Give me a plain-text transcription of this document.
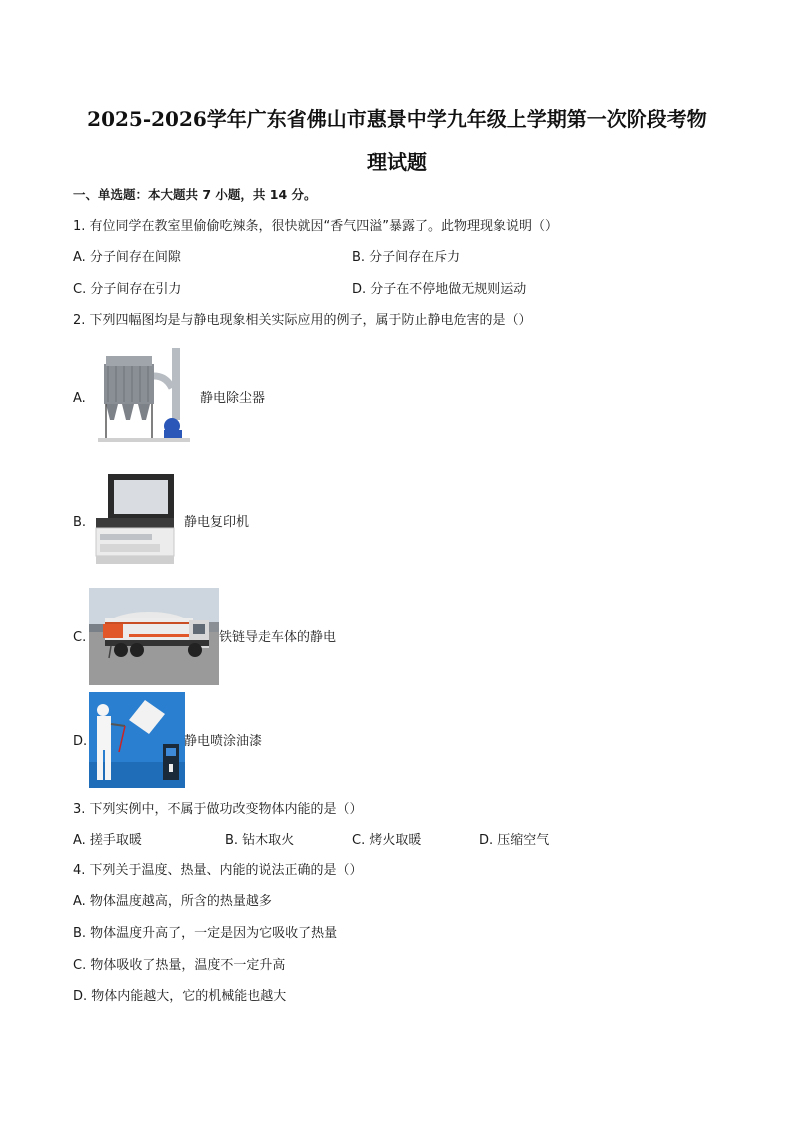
2025-2026学年广东省佛山市惠景中学九年级上学期第一次阶段考物
理试题
一、单选题：本大题共 7 小题，共 14 分。
1. 有位同学在教室里偷偷吃辣条，很快就因“香气四溢”暴露了。此物理现象说明（）
A. 分子间存在间隙	B. 分子间存在斥力
C. 分子间存在引力	D. 分子在不停地做无规则运动
2. 下列四幅图均是与静电现象相关实际应用的例子，属于防止静电危害的是（）
A.	静电除尘器
B.	静电复印机
C.	铁链导走车体的静电
D.	静电喷涂油漆
3. 下列实例中，不属于做功改变物体内能的是（）
A. 搓手取暖	B. 钻木取火	C. 烤火取暖	D. 压缩空气
4. 下列关于温度、热量、内能的说法正确的是（）
A. 物体温度越高，所含的热量越多
B. 物体温度升高了，一定是因为它吸收了热量
C. 物体吸收了热量，温度不一定升高
D. 物体内能越大，它的机械能也越大
